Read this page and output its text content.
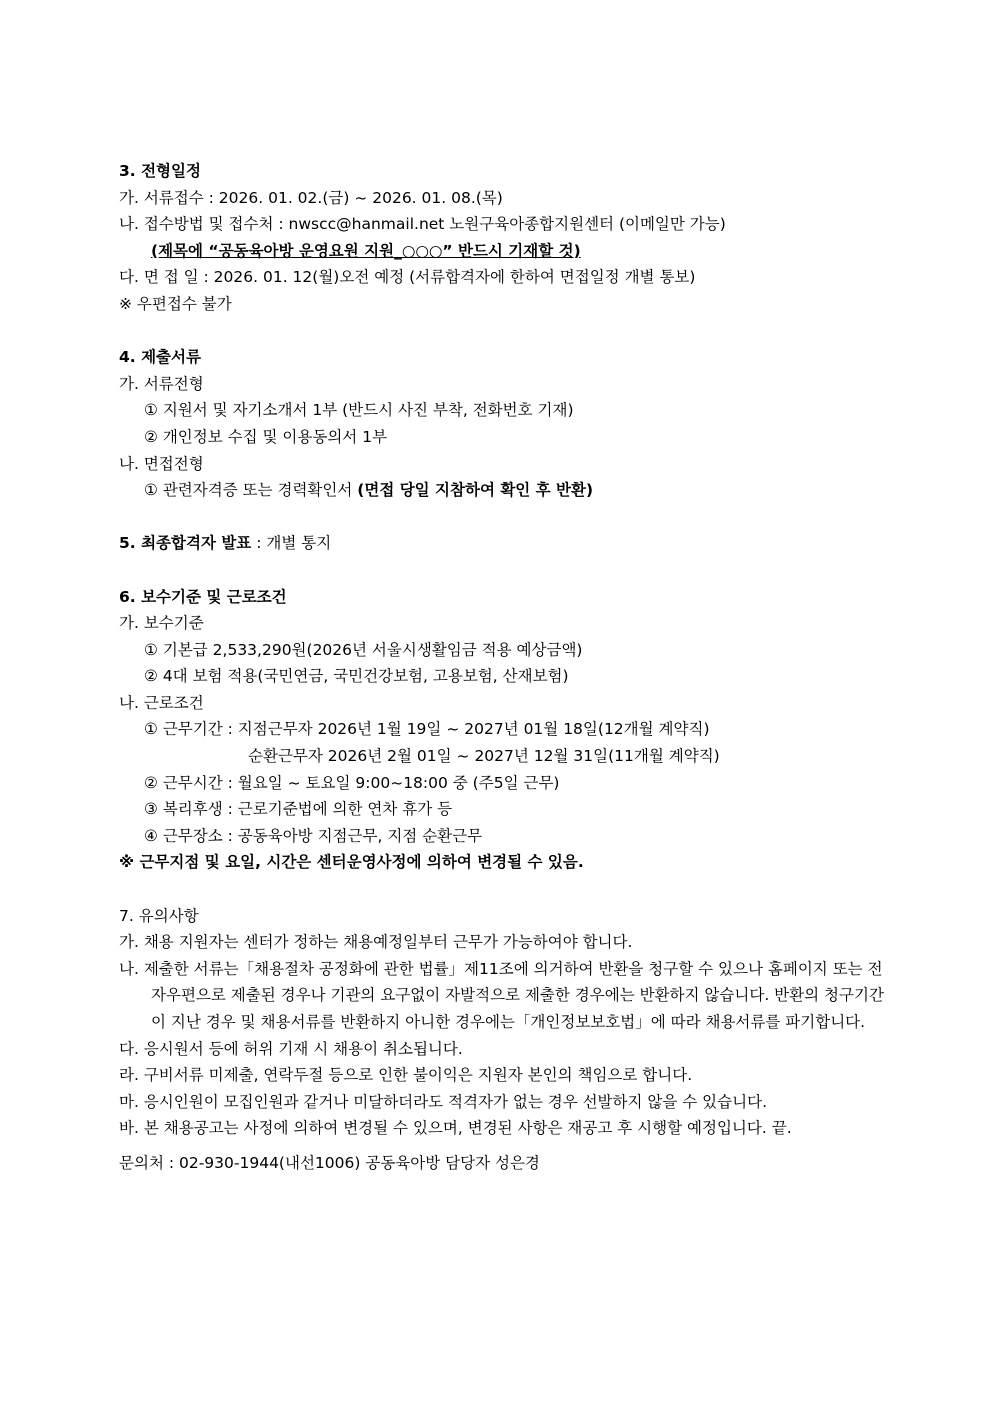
3. 전형일정
가. 서류접수 : 2026. 01. 02.(금) ~ 2026. 01. 08.(목)
나. 접수방법 및 접수처 : nwscc@hanmail.net 노원구육아종합지원센터 (이메일만 가능)
(제목에 “공동육아방 운영요원 지원_○○○” 반드시 기재할 것)
다. 면 접 일 : 2026. 01. 12(월)오전 예정 (서류합격자에 한하여 면접일정 개별 통보)
※ 우편접수 불가
4. 제출서류
가. 서류전형
① 지원서 및 자기소개서 1부 (반드시 사진 부착, 전화번호 기재)
② 개인정보 수집 및 이용동의서 1부
나. 면접전형
① 관련자격증 또는 경력확인서 (면접 당일 지참하여 확인 후 반환)
5. 최종합격자 발표 : 개별 통지
6. 보수기준 및 근로조건
가. 보수기준
① 기본급 2,533,290원(2026년 서울시생활임금 적용 예상금액)
② 4대 보험 적용(국민연금, 국민건강보험, 고용보험, 산재보험)
나. 근로조건
① 근무기간 : 지점근무자 2026년 1월 19일 ~ 2027년 01월 18일(12개월 계약직)
순환근무자 2026년 2월 01일 ~ 2027년 12월 31일(11개월 계약직)
② 근무시간 : 월요일 ~ 토요일 9:00~18:00 중 (주5일 근무)
③ 복리후생 : 근로기준법에 의한 연차 휴가 등
④ 근무장소 : 공동육아방 지점근무, 지점 순환근무
※ 근무지점 및 요일, 시간은 센터운영사정에 의하여 변경될 수 있음.
7. 유의사항
가. 채용 지원자는 센터가 정하는 채용예정일부터 근무가 가능하여야 합니다.
나. 제출한 서류는「채용절차 공정화에 관한 법률」제11조에 의거하여 반환을 청구할 수 있으나 홈페이지 또는 전자우편으로 제출된 경우나 기관의 요구없이 자발적으로 제출한 경우에는 반환하지 않습니다. 반환의 청구기간이 지난 경우 및 채용서류를 반환하지 아니한 경우에는「개인정보보호법」에 따라 채용서류를 파기합니다.
다. 응시원서 등에 허위 기재 시 채용이 취소됩니다.
라. 구비서류 미제출, 연락두절 등으로 인한 불이익은 지원자 본인의 책임으로 합니다.
마. 응시인원이 모집인원과 같거나 미달하더라도 적격자가 없는 경우 선발하지 않을 수 있습니다.
바. 본 채용공고는 사정에 의하여 변경될 수 있으며, 변경된 사항은 재공고 후 시행할 예정입니다. 끝.
문의처 : 02-930-1944(내선1006) 공동육아방 담당자 성은경
